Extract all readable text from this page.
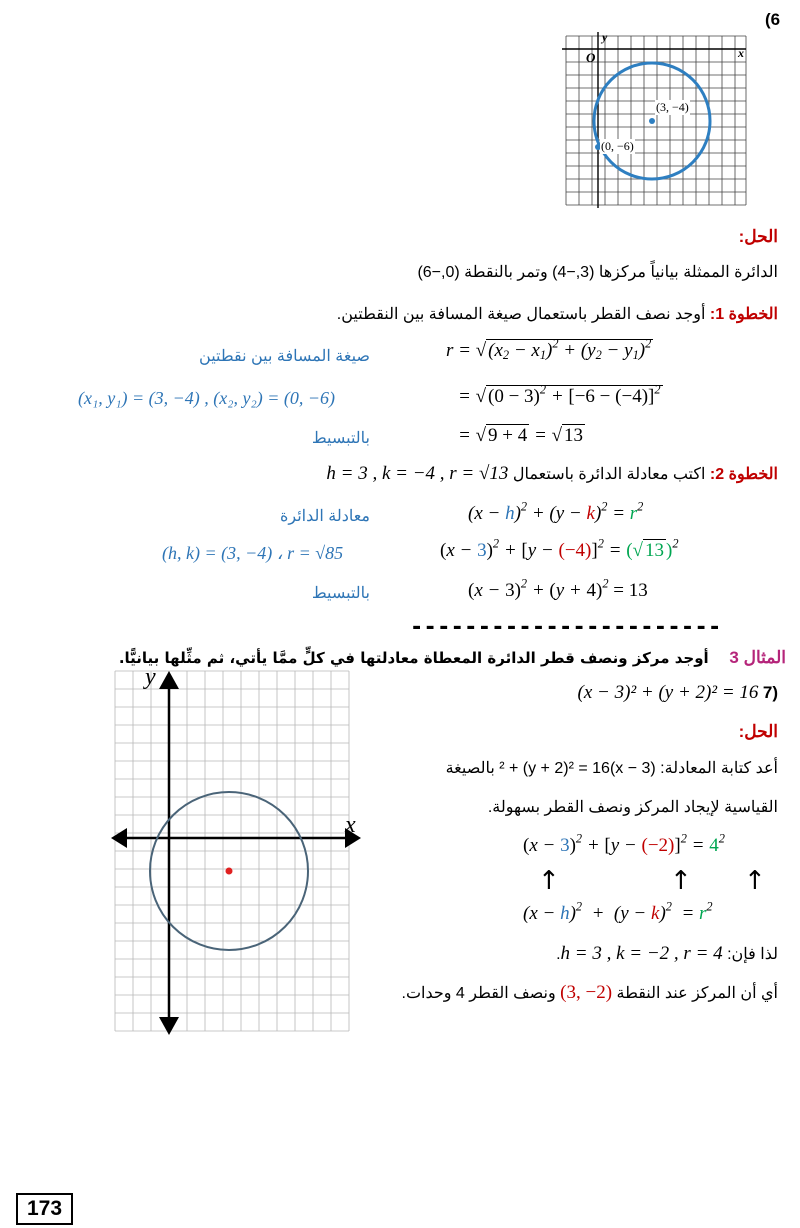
(6
y
x
O
(3, −4)
(0, −6)
الحل:
الدائرة الممثلة بيانياً مركزها (3,−4) وتمر بالنقطة (0,−6)
الخطوة 1: أوجد نصف القطر باستعمال صيغة المسافة بين النقطتين.
r = √ $(x_2 - x_1)^2 + (y_2 - y_1)^2$
صيغة المسافة بين نقطتين
= √ $(0 - 3)^2 + [-6 - (-4)]^2$
(x₁, y₁) = (3, −4) , (x₂, y₂) = (0, −6)
= √ 9 + 4 = √ 13
بالتبسيط
الخطوة 2: اكتب معادلة الدائرة باستعمال h = 3 , k = −4 , r = √13
$(x - h)^2 + (y - k)^2 = r^2$
معادلة الدائرة
$(x - 3)^2 + [y - (-4)]^2$ = (√ 13 )$^2$
(h, k) = (3, −4) ، r = √85
$(x - 3)^2 + (y + 4)^2 = 13$
بالتبسيط
-----------------------
المثال 3 أوجد مركز ونصف قطر الدائرة المعطاة معادلتها في كلٍّ ممَّا يأتي، ثم مثِّلها بيانيًّا.
(7 (x − 3)² + (y + 2)² = 16
الحل:
y
x
أعد كتابة المعادلة: (x − 3)² + (y + 2)² = 16 بالصيغة
القياسية لإيجاد المركز ونصف القطر بسهولة.
$(x - 3)^2 + [y - (-2)]^2 = 4^2$
↑	↑ ↑
$(x - h)^2 + (y - k)^2 = r^2$
لذا فإن: h = 3 , k = −2 , r = 4.
أي أن المركز عند النقطة (3, −2) ونصف القطر 4 وحدات.
173
